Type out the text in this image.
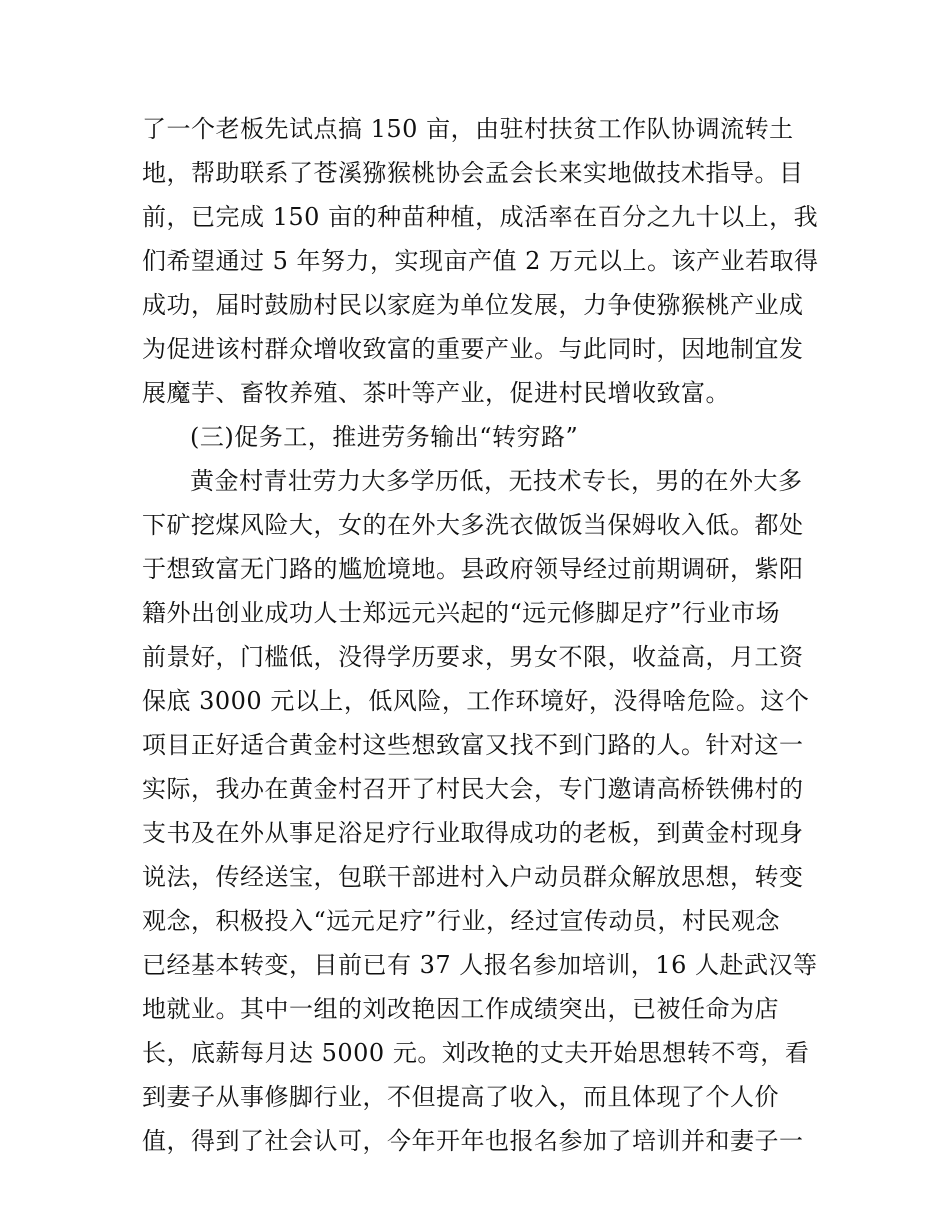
了一个老板先试点搞 150 亩，由驻村扶贫工作队协调流转土
地，帮助联系了苍溪猕猴桃协会孟会长来实地做技术指导。目
前，已完成 150 亩的种苗种植，成活率在百分之九十以上，我
们希望通过 5 年努力，实现亩产值 2 万元以上。该产业若取得
成功，届时鼓励村民以家庭为单位发展，力争使猕猴桃产业成
为促进该村群众增收致富的重要产业。与此同时，因地制宜发
展魔芋、畜牧养殖、茶叶等产业，促进村民增收致富。
(三)促务工，推进劳务输出“转穷路”
黄金村青壮劳力大多学历低，无技术专长，男的在外大多
下矿挖煤风险大，女的在外大多洗衣做饭当保姆收入低。都处
于想致富无门路的尴尬境地。县政府领导经过前期调研，紫阳
籍外出创业成功人士郑远元兴起的“远元修脚足疗”行业市场
前景好，门槛低，没得学历要求，男女不限，收益高，月工资
保底 3000 元以上，低风险，工作环境好，没得啥危险。这个
项目正好适合黄金村这些想致富又找不到门路的人。针对这一
实际，我办在黄金村召开了村民大会，专门邀请高桥铁佛村的
支书及在外从事足浴足疗行业取得成功的老板，到黄金村现身
说法，传经送宝，包联干部进村入户动员群众解放思想，转变
观念，积极投入“远元足疗”行业，经过宣传动员，村民观念
已经基本转变，目前已有 37 人报名参加培训，16 人赴武汉等
地就业。其中一组的刘改艳因工作成绩突出，已被任命为店
长，底薪每月达 5000 元。刘改艳的丈夫开始思想转不弯，看
到妻子从事修脚行业，不但提高了收入，而且体现了个人价
值，得到了社会认可，今年开年也报名参加了培训并和妻子一
